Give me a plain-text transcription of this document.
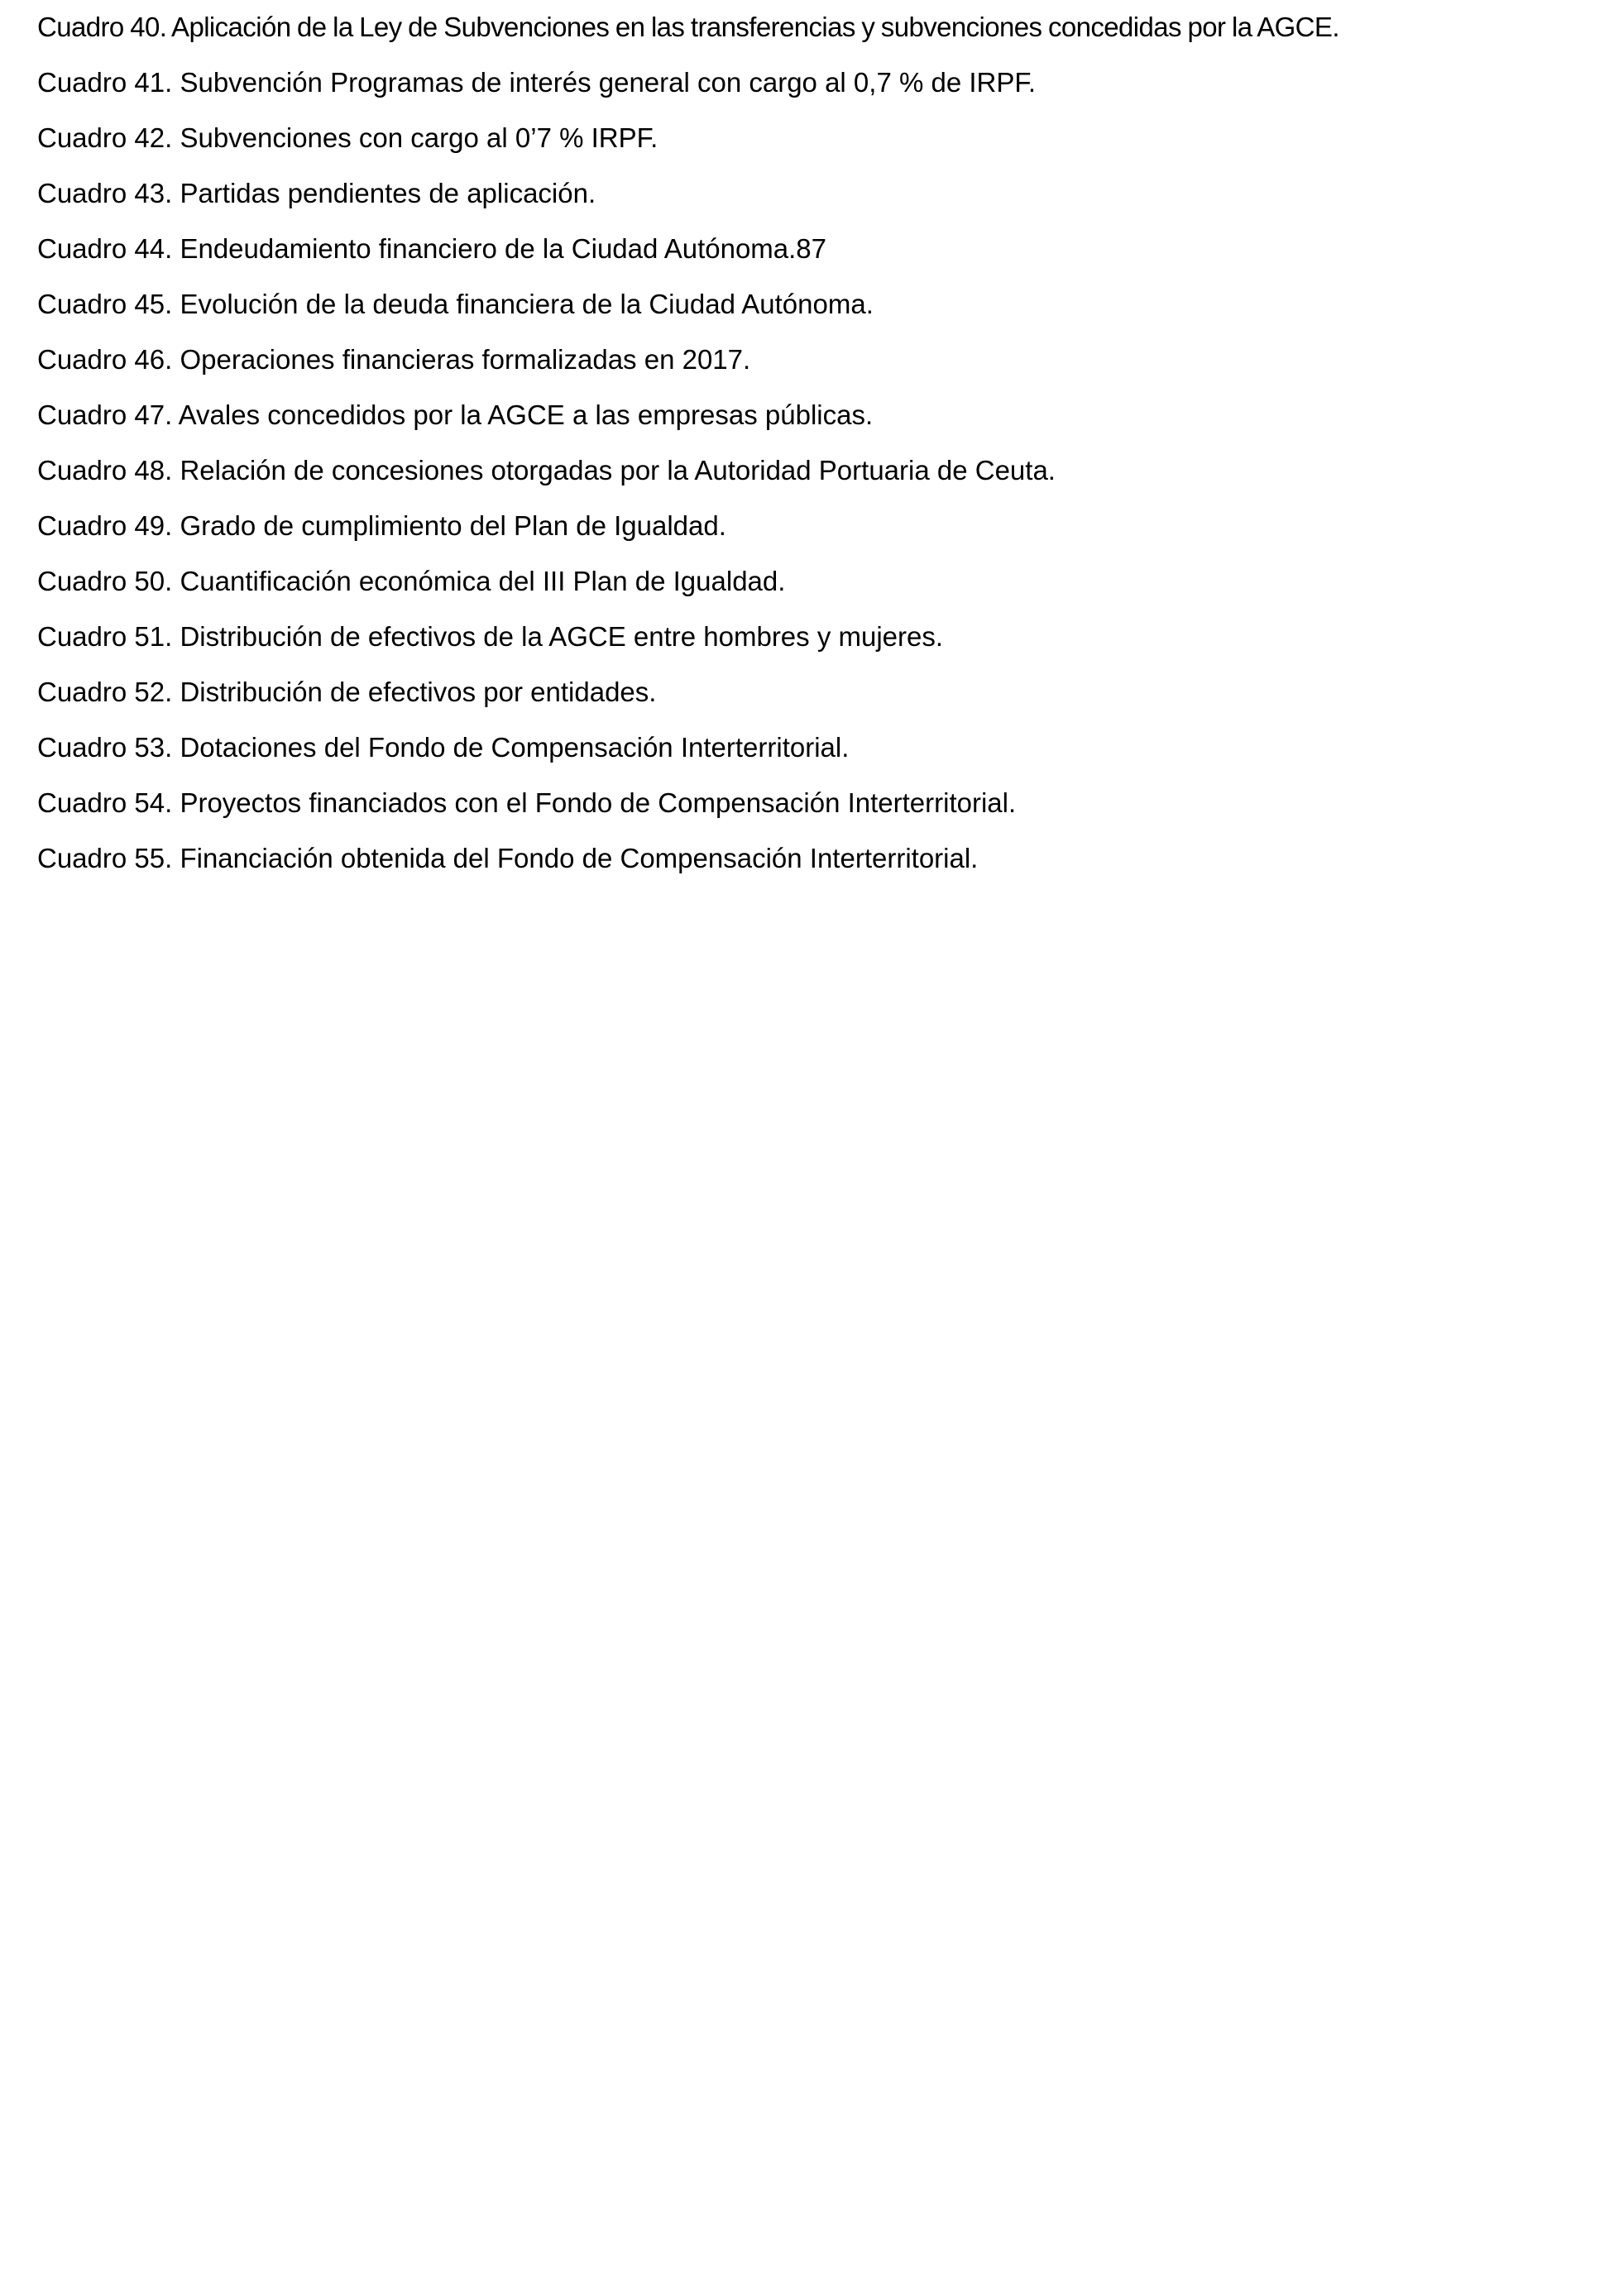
Cuadro 40. Aplicación de la Ley de Subvenciones en las transferencias y subvenciones concedidas por la AGCE.
Cuadro 41. Subvención Programas de interés general con cargo al 0,7 % de IRPF.
Cuadro 42. Subvenciones con cargo al 0’7 % IRPF.
Cuadro 43. Partidas pendientes de aplicación.
Cuadro 44. Endeudamiento financiero de la Ciudad Autónoma.87
Cuadro 45. Evolución de la deuda financiera de la Ciudad Autónoma.
Cuadro 46. Operaciones financieras formalizadas en 2017.
Cuadro 47. Avales concedidos por la AGCE a las empresas públicas.
Cuadro 48. Relación de concesiones otorgadas por la Autoridad Portuaria de Ceuta.
Cuadro 49. Grado de cumplimiento del Plan de Igualdad.
Cuadro 50. Cuantificación económica del III Plan de Igualdad.
Cuadro 51. Distribución de efectivos de la AGCE entre hombres y mujeres.
Cuadro 52. Distribución de efectivos por entidades.
Cuadro 53. Dotaciones del Fondo de Compensación Interterritorial.
Cuadro 54. Proyectos financiados con el Fondo de Compensación Interterritorial.
Cuadro 55. Financiación obtenida del Fondo de Compensación Interterritorial.
